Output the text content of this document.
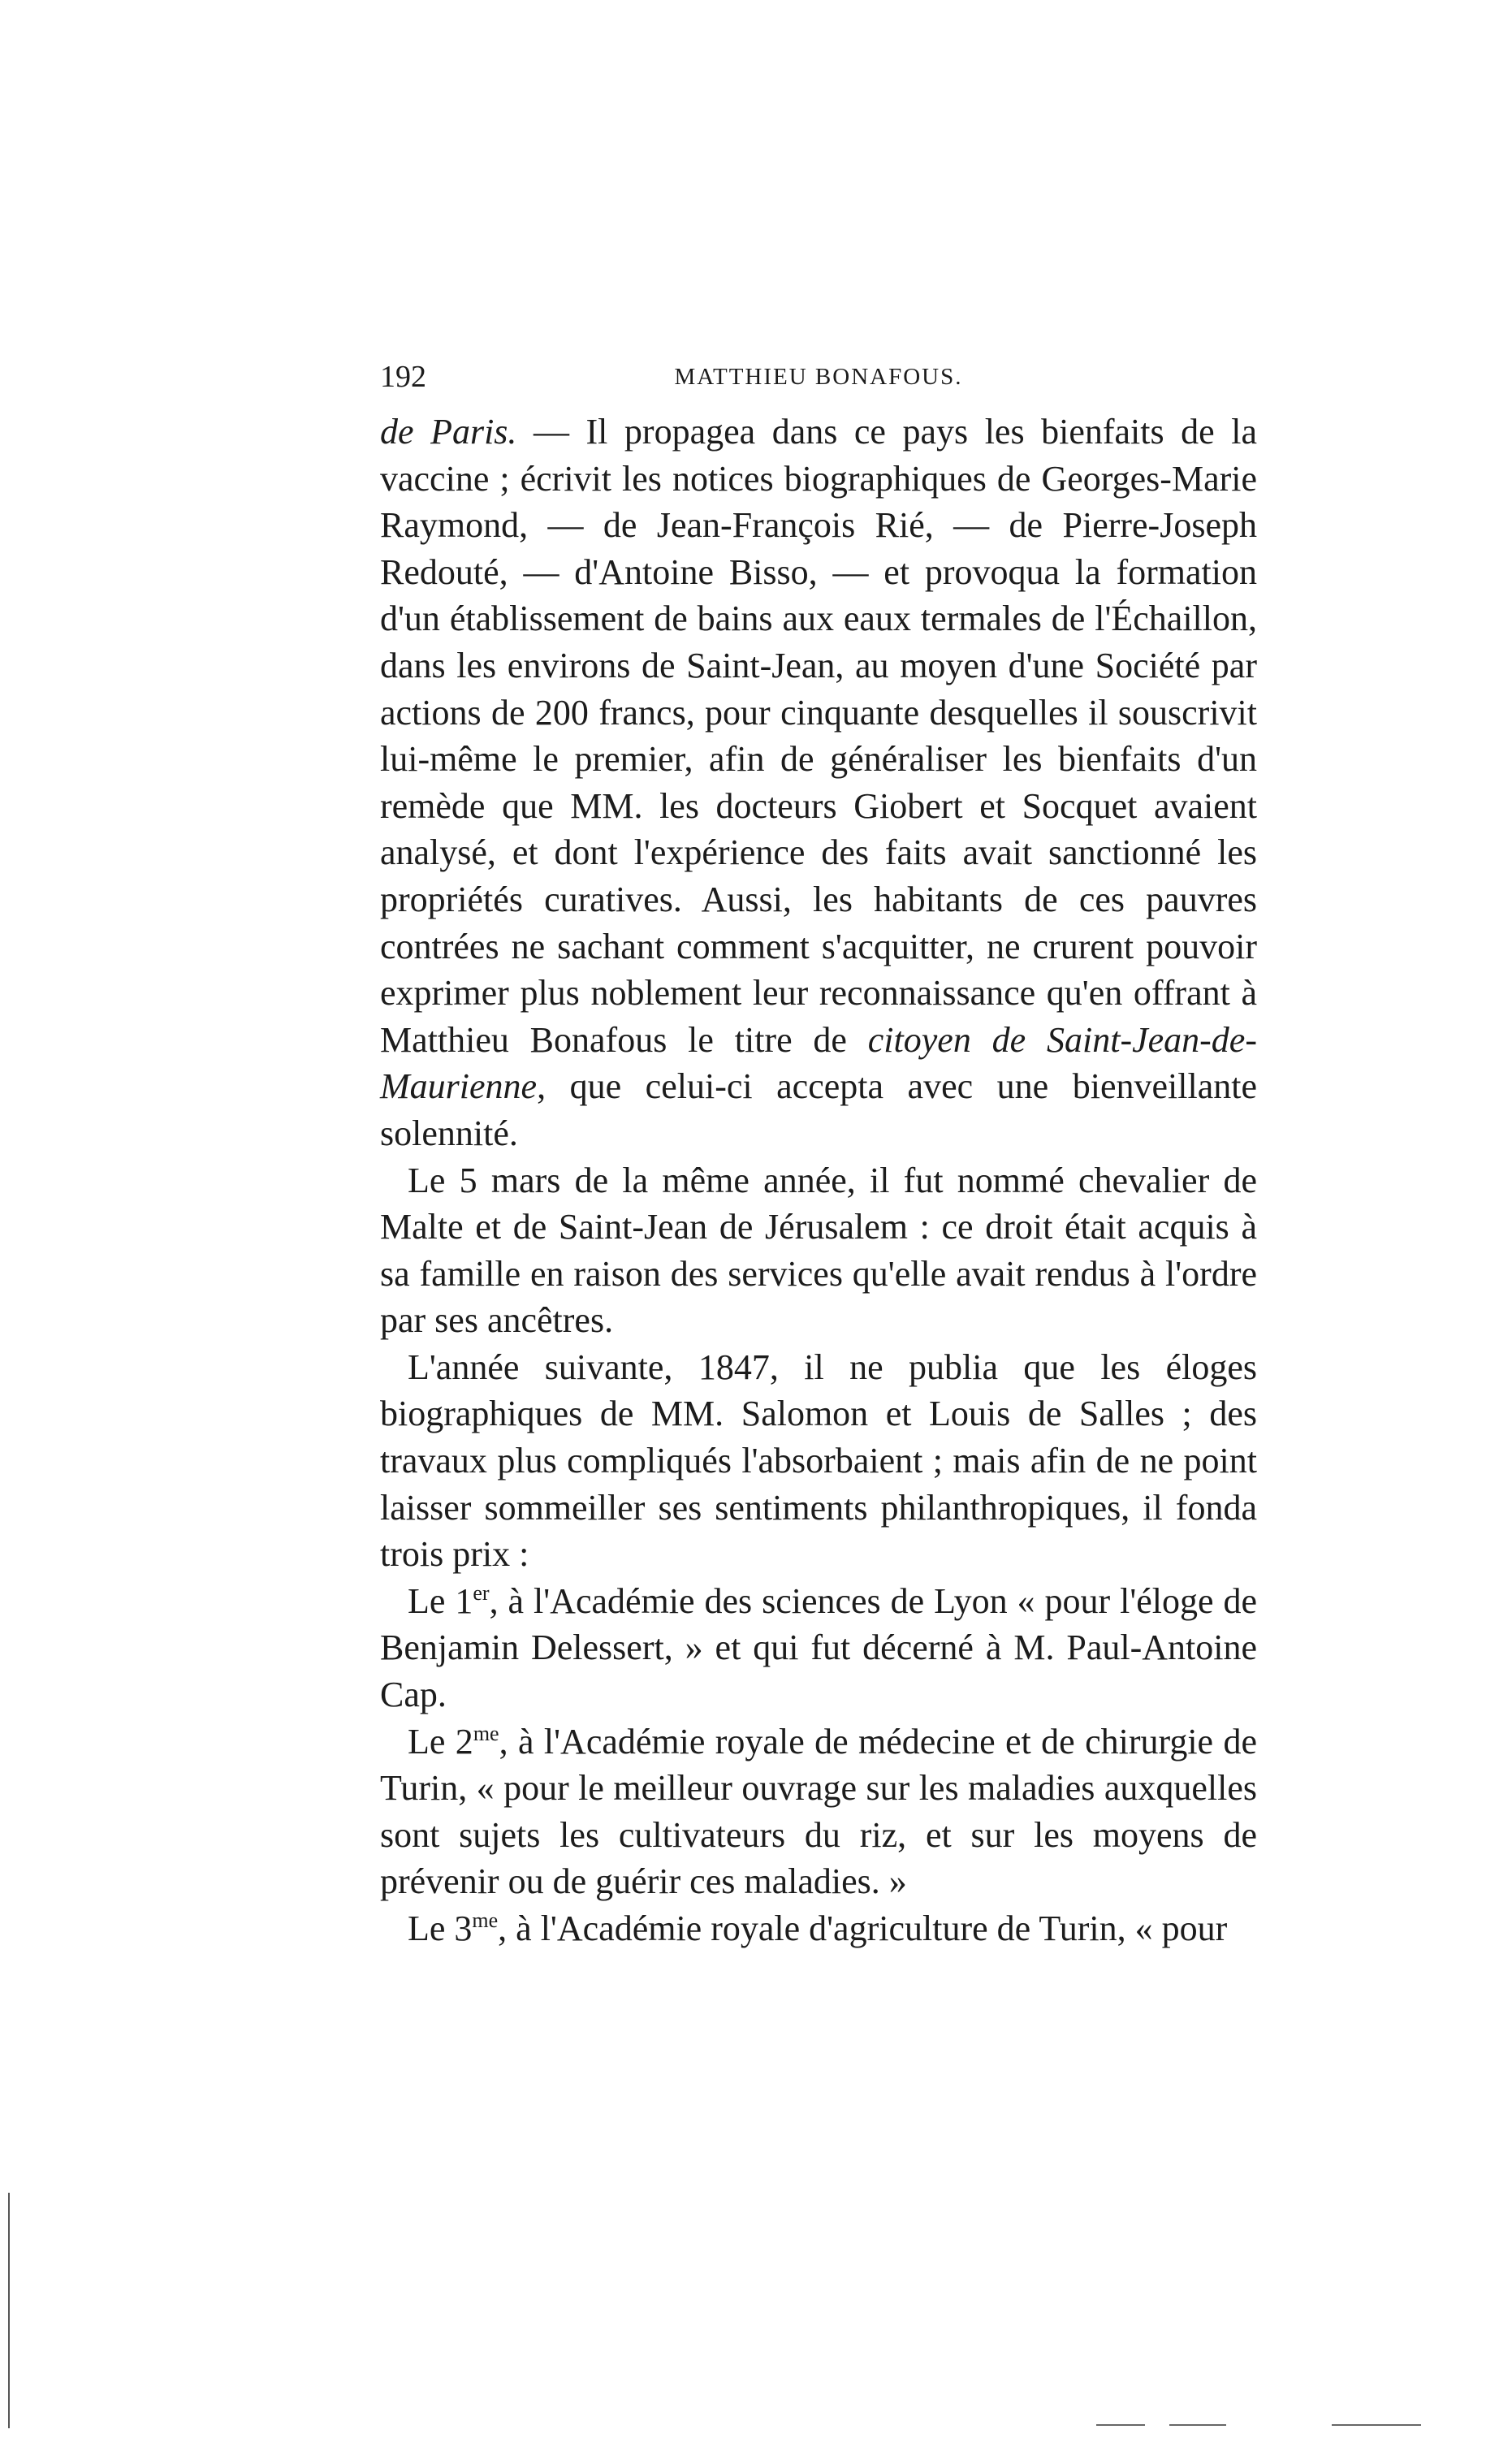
192	MATTHIEU BONAFOUS.

de Paris. — Il propagea dans ce pays les bienfaits de la vaccine ; écrivit les notices biographiques de Georges-Marie Raymond, — de Jean-François Rié, — de Pierre-Joseph Redouté, — d'Antoine Bisso, — et provoqua la formation d'un établissement de bains aux eaux termales de l'Échaillon, dans les environs de Saint-Jean, au moyen d'une Société par actions de 200 francs, pour cinquante desquelles il souscrivit lui-même le premier, afin de généraliser les bienfaits d'un remède que MM. les docteurs Giobert et Socquet avaient analysé, et dont l'expérience des faits avait sanctionné les propriétés curatives. Aussi, les habitants de ces pauvres contrées ne sachant comment s'acquitter, ne crurent pouvoir exprimer plus noblement leur reconnaissance qu'en offrant à Matthieu Bonafous le titre de citoyen de Saint-Jean-de-Maurienne, que celui-ci accepta avec une bienveillante solennité.

Le 5 mars de la même année, il fut nommé chevalier de Malte et de Saint-Jean de Jérusalem : ce droit était acquis à sa famille en raison des services qu'elle avait rendus à l'ordre par ses ancêtres.

L'année suivante, 1847, il ne publia que les éloges biographiques de MM. Salomon et Louis de Salles ; des travaux plus compliqués l'absorbaient ; mais afin de ne point laisser sommeiller ses sentiments philanthropiques, il fonda trois prix :

Le 1er, à l'Académie des sciences de Lyon « pour l'éloge de Benjamin Delessert, » et qui fut décerné à M. Paul-Antoine Cap.

Le $2^{me}$, à l'Académie royale de médecine et de chirurgie de Turin, « pour le meilleur ouvrage sur les maladies auxquelles sont sujets les cultivateurs du riz, et sur les moyens de prévenir ou de guérir ces maladies. »

Le $3^{me}$, à l'Académie royale d'agriculture de Turin, « pour
